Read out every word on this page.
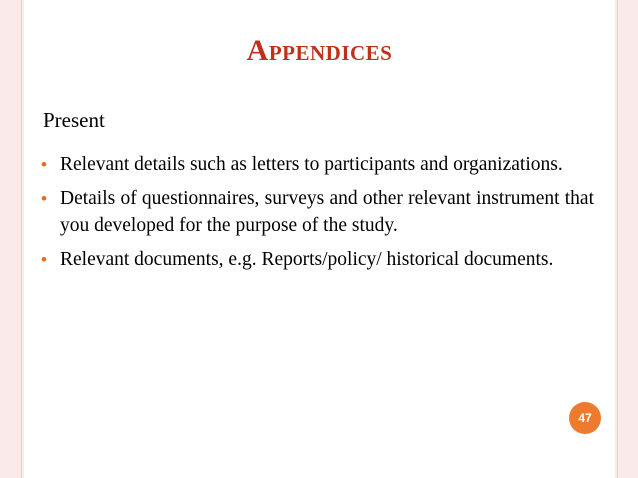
Appendices

Present

• Relevant details such as letters to participants and organizations.
• Details of questionnaires, surveys and other relevant instrument that you developed for the purpose of the study.
• Relevant documents, e.g. Reports/policy/ historical documents.
47
